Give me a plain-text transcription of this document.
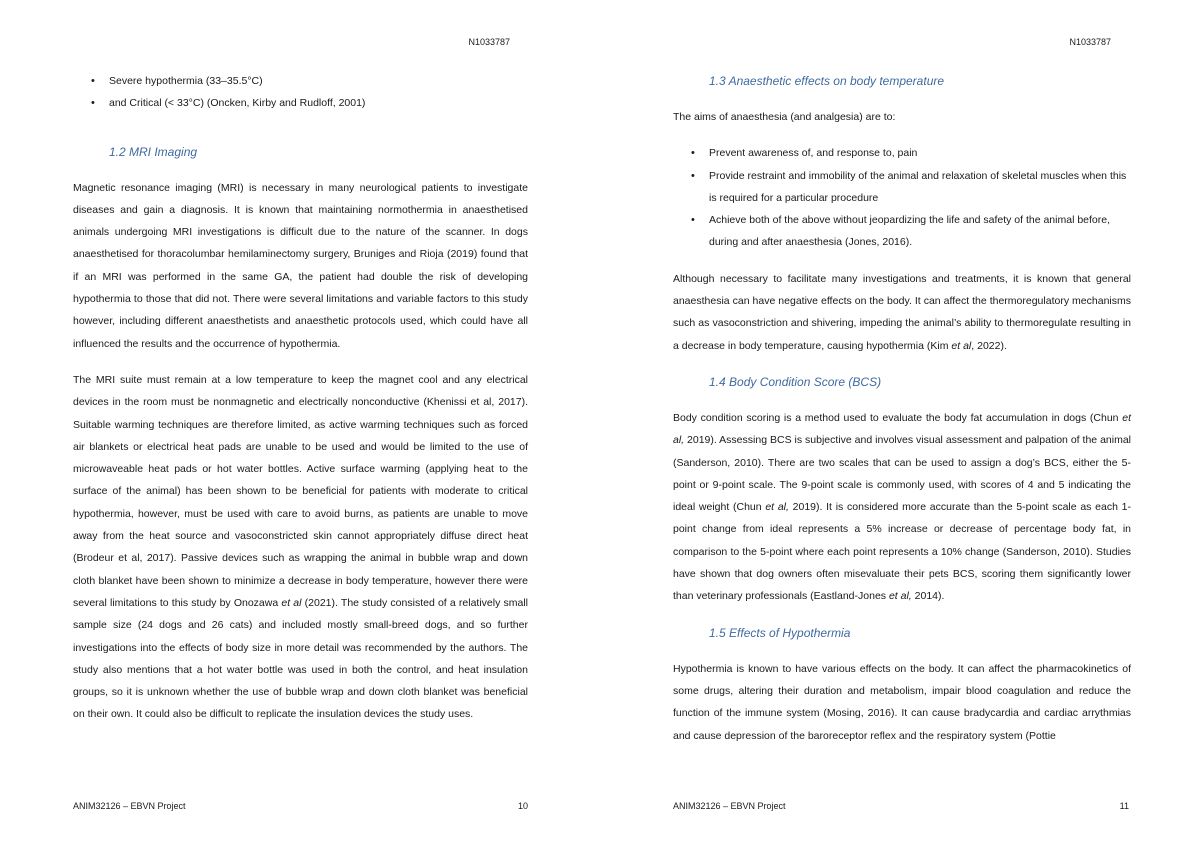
N1033787
• Severe hypothermia (33–35.5°C)
• and Critical (< 33°C) (Oncken, Kirby and Rudloff, 2001)
1.2 MRI Imaging

Magnetic resonance imaging (MRI) is necessary in many neurological patients to investigate diseases and gain a diagnosis. It is known that maintaining normothermia in anaesthetised animals undergoing MRI investigations is difficult due to the nature of the scanner. In dogs anaesthetised for thoracolumbar hemilaminectomy surgery, Bruniges and Rioja (2019) found that if an MRI was performed in the same GA, the patient had double the risk of developing hypothermia to those that did not. There were several limitations and variable factors to this study however, including different anaesthetists and anaesthetic protocols used, which could have all influenced the results and the occurrence of hypothermia.

The MRI suite must remain at a low temperature to keep the magnet cool and any electrical devices in the room must be nonmagnetic and electrically nonconductive (Khenissi et al, 2017). Suitable warming techniques are therefore limited, as active warming techniques such as forced air blankets or electrical heat pads are unable to be used and would be limited to the use of microwaveable heat pads or hot water bottles. Active surface warming (applying heat to the surface of the animal) has been shown to be beneficial for patients with moderate to critical hypothermia, however, must be used with care to avoid burns, as patients are unable to move away from the heat source and vasoconstricted skin cannot appropriately diffuse direct heat (Brodeur et al, 2017). Passive devices such as wrapping the animal in bubble wrap and down cloth blanket have been shown to minimize a decrease in body temperature, however there were several limitations to this study by Onozawa et al (2021). The study consisted of a relatively small sample size (24 dogs and 26 cats) and included mostly small-breed dogs, and so further investigations into the effects of body size in more detail was recommended by the authors. The study also mentions that a hot water bottle was used in both the control, and heat insulation groups, so it is unknown whether the use of bubble wrap and down cloth blanket was beneficial on their own. It could also be difficult to replicate the insulation devices the study uses.

ANIM32126 – EBVN Project	10
N1033787
1.3 Anaesthetic effects on body temperature

The aims of anaesthesia (and analgesia) are to:

• Prevent awareness of, and response to, pain
• Provide restraint and immobility of the animal and relaxation of skeletal muscles when this is required for a particular procedure
• Achieve both of the above without jeopardizing the life and safety of the animal before, during and after anaesthesia (Jones, 2016).

Although necessary to facilitate many investigations and treatments, it is known that general anaesthesia can have negative effects on the body. It can affect the thermoregulatory mechanisms such as vasoconstriction and shivering, impeding the animal’s ability to thermoregulate resulting in a decrease in body temperature, causing hypothermia (Kim et al, 2022).

1.4 Body Condition Score (BCS)

Body condition scoring is a method used to evaluate the body fat accumulation in dogs (Chun et al, 2019). Assessing BCS is subjective and involves visual assessment and palpation of the animal (Sanderson, 2010). There are two scales that can be used to assign a dog’s BCS, either the 5-point or 9-point scale. The 9-point scale is commonly used, with scores of 4 and 5 indicating the ideal weight (Chun et al, 2019). It is considered more accurate than the 5-point scale as each 1-point change from ideal represents a 5% increase or decrease of percentage body fat, in comparison to the 5-point where each point represents a 10% change (Sanderson, 2010). Studies have shown that dog owners often misevaluate their pets BCS, scoring them significantly lower than veterinary professionals (Eastland-Jones et al, 2014).

1.5 Effects of Hypothermia

Hypothermia is known to have various effects on the body. It can affect the pharmacokinetics of some drugs, altering their duration and metabolism, impair blood coagulation and reduce the function of the immune system (Mosing, 2016). It can cause bradycardia and cardiac arrythmias and cause depression of the baroreceptor reflex and the respiratory system (Pottie

ANIM32126 – EBVN Project	11
